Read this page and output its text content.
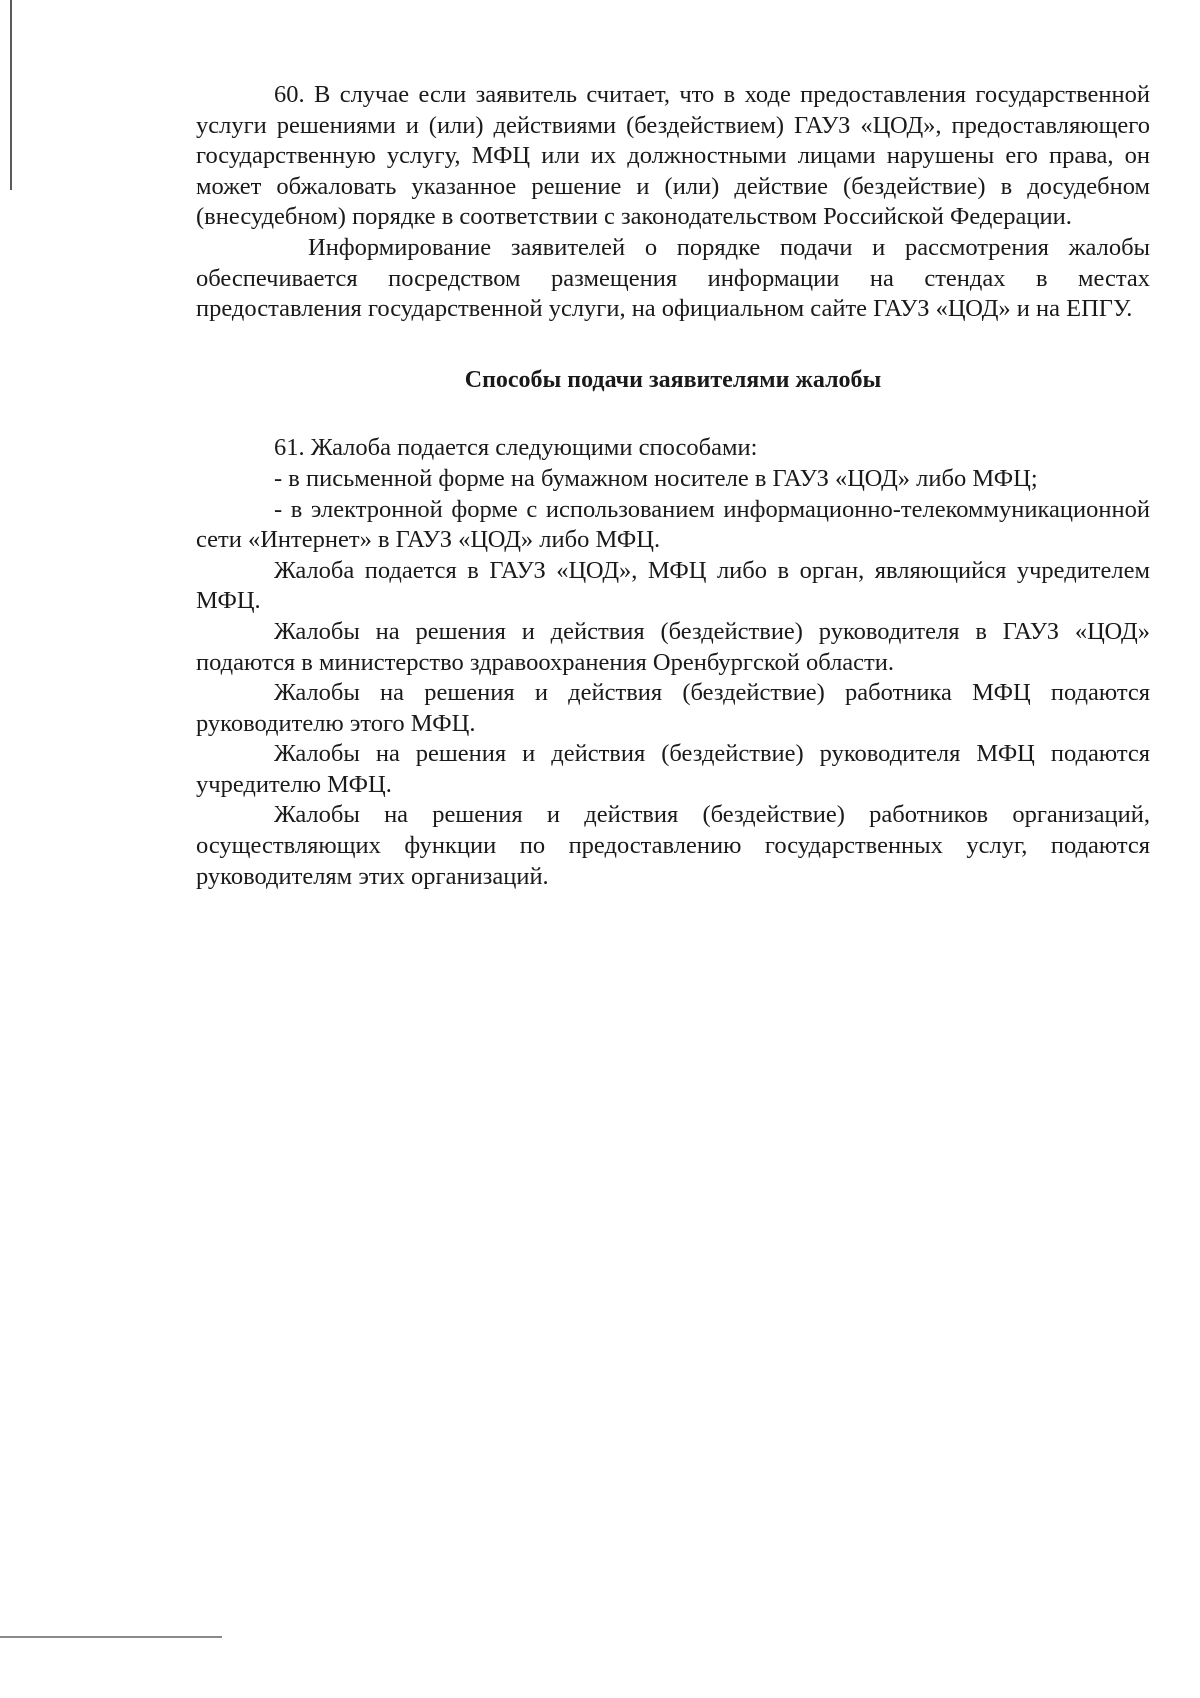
60. В случае если заявитель считает, что в ходе предоставления государственной услуги решениями и (или) действиями (бездействием) ГАУЗ «ЦОД», предоставляющего государственную услугу, МФЦ или их должностными лицами нарушены его права, он может обжаловать указанное решение и (или) действие (бездействие) в досудебном (внесудебном) порядке в соответствии с законодательством Российской Федерации.

Информирование заявителей о порядке подачи и рассмотрения жалобы обеспечивается посредством размещения информации на стендах в местах предоставления государственной услуги, на официальном сайте ГАУЗ «ЦОД» и на ЕПГУ.

Способы подачи заявителями жалобы

61. Жалоба подается следующими способами:

- в письменной форме на бумажном носителе в ГАУЗ «ЦОД» либо МФЦ;

- в электронной форме с использованием информационно-телекоммуникационной сети «Интернет» в ГАУЗ «ЦОД» либо МФЦ.

Жалоба подается в ГАУЗ «ЦОД», МФЦ либо в орган, являющийся учредителем МФЦ.

Жалобы на решения и действия (бездействие) руководителя в ГАУЗ «ЦОД» подаются в министерство здравоохранения Оренбургской области.

Жалобы на решения и действия (бездействие) работника МФЦ подаются руководителю этого МФЦ.

Жалобы на решения и действия (бездействие) руководителя МФЦ подаются учредителю МФЦ.

Жалобы на решения и действия (бездействие) работников организаций, осуществляющих функции по предоставлению государственных услуг, подаются руководителям этих организаций.
